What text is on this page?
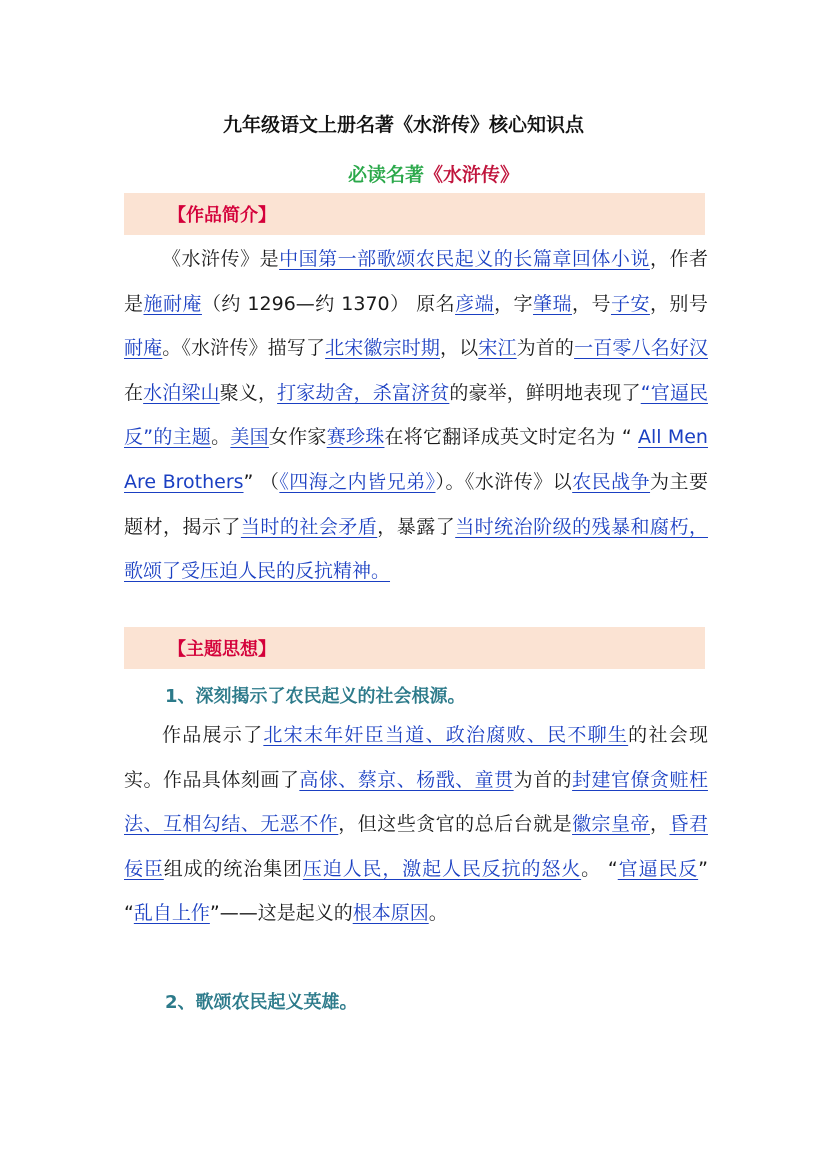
九年级语文上册名著《水浒传》核心知识点
必读名著《水浒传》
【作品简介】
《水浒传》是中国第一部歌颂农民起义的长篇章回体小说，作者是施耐庵（约 1296—约 1370） 原名彦端，字肇瑞，号子安，别号耐庵。《水浒传》描写了北宋徽宗时期，以宋江为首的一百零八名好汉在水泊梁山聚义，打家劫舍，杀富济贫的豪举，鲜明地表现了“官逼民反”的主题。美国女作家赛珍珠在将它翻译成英文时定名为 “ All Men Are Brothers” （《四海之内皆兄弟》）。《水浒传》以农民战争为主要题材，揭示了当时的社会矛盾，暴露了当时统治阶级的残暴和腐朽，歌颂了受压迫人民的反抗精神。
【主题思想】
1、深刻揭示了农民起义的社会根源。
作品展示了北宋末年奸臣当道、政治腐败、民不聊生的社会现实。作品具体刻画了高俅、蔡京、杨戬、童贯为首的封建官僚贪赃枉法、互相勾结、无恶不作，但这些贪官的总后台就是徽宗皇帝，昏君佞臣组成的统治集团压迫人民，激起人民反抗的怒火。 “官逼民反” “乱自上作”——这是起义的根本原因。
2、歌颂农民起义英雄。
